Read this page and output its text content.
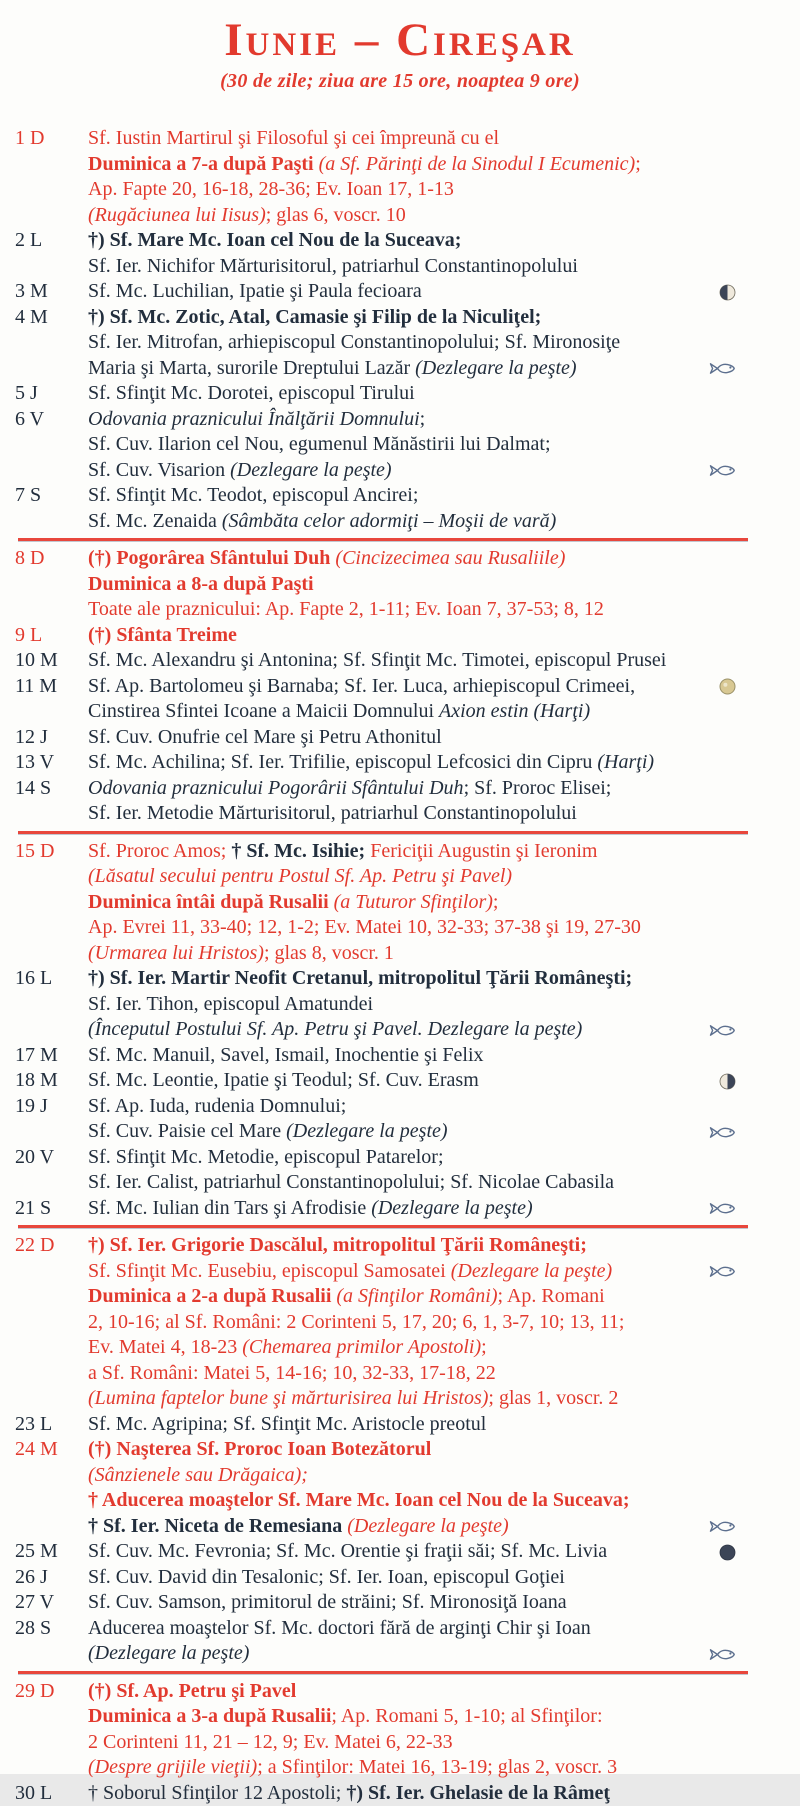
Iunie – Cireşar
(30 de zile; ziua are 15 ore, noaptea 9 ore)
1 D	Sf. Iustin Martirul şi Filosoful şi cei împreună cu el
Duminica a 7-a după Paşti (a Sf. Părinţi de la Sinodul I Ecumenic) ;
Ap. Fapte 20, 16-18, 28-36; Ev. Ioan 17, 1-13
(Rugăciunea lui Iisus) ; glas 6, voscr. 10
2 L	†) Sf. Mare Mc. Ioan cel Nou de la Suceava;
Sf. Ier. Nichifor Mărturisitorul, patriarhul Constantinopolului
3 M	Sf. Mc. Luchilian, Ipatie şi Paula fecioara
4 M	†) Sf. Mc. Zotic, Atal, Camasie şi Filip de la Niculiţel;
Sf. Ier. Mitrofan, arhiepiscopul Constantinopolului; Sf. Mironosiţe
Maria şi Marta, surorile Dreptului Lazăr (Dezlegare la peşte)
5 J	Sf. Sfinţit Mc. Dorotei, episcopul Tirului
6 V	Odovania praznicului Înălţării Domnului ;
Sf. Cuv. Ilarion cel Nou, egumenul Mănăstirii lui Dalmat;
Sf. Cuv. Visarion (Dezlegare la peşte)
7 S	Sf. Sfinţit Mc. Teodot, episcopul Ancirei;
Sf. Mc. Zenaida (Sâmbăta celor adormiţi – Moşii de vară)
8 D	(†) Pogorârea Sfântului Duh (Cincizecimea sau Rusaliile)
Duminica a 8-a după Paşti
Toate ale praznicului: Ap. Fapte 2, 1-11; Ev. Ioan 7, 37-53; 8, 12
9 L	(†) Sfânta Treime
10 M	Sf. Mc. Alexandru şi Antonina; Sf. Sfinţit Mc. Timotei, episcopul Prusei
11 M	Sf. Ap. Bartolomeu şi Barnaba; Sf. Ier. Luca, arhiepiscopul Crimeei,
Cinstirea Sfintei Icoane a Maicii Domnului Axion estin (Harţi)
12 J	Sf. Cuv. Onufrie cel Mare şi Petru Athonitul
13 V	Sf. Mc. Achilina; Sf. Ier. Trifilie, episcopul Lefcosici din Cipru (Harţi)
14 S	Odovania praznicului Pogorârii Sfântului Duh ; Sf. Proroc Elisei;
Sf. Ier. Metodie Mărturisitorul, patriarhul Constantinopolului
15 D	Sf. Proroc Amos; † Sf. Mc. Isihie; Fericiţii Augustin şi Ieronim
(Lăsatul secului pentru Postul Sf. Ap. Petru şi Pavel)
Duminica întâi după Rusalii (a Tuturor Sfinţilor) ;
Ap. Evrei 11, 33-40; 12, 1-2; Ev. Matei 10, 32-33; 37-38 şi 19, 27-30
(Urmarea lui Hristos) ; glas 8, voscr. 1
16 L	†) Sf. Ier. Martir Neofit Cretanul, mitropolitul Ţării Româneşti;
Sf. Ier. Tihon, episcopul Amatundei
(Începutul Postului Sf. Ap. Petru şi Pavel. Dezlegare la peşte)
17 M	Sf. Mc. Manuil, Savel, Ismail, Inochentie şi Felix
18 M	Sf. Mc. Leontie, Ipatie şi Teodul; Sf. Cuv. Erasm
19 J	Sf. Ap. Iuda, rudenia Domnului;
Sf. Cuv. Paisie cel Mare (Dezlegare la peşte)
20 V	Sf. Sfinţit Mc. Metodie, episcopul Patarelor;
Sf. Ier. Calist, patriarhul Constantinopolului; Sf. Nicolae Cabasila
21 S	Sf. Mc. Iulian din Tars şi Afrodisie (Dezlegare la peşte)
22 D	†) Sf. Ier. Grigorie Dascălul, mitropolitul Ţării Româneşti;
Sf. Sfinţit Mc. Eusebiu, episcopul Samosatei (Dezlegare la peşte)
Duminica a 2-a după Rusalii (a Sfinţilor Români) ; Ap. Romani
2, 10-16; al Sf. Români: 2 Corinteni 5, 17, 20; 6, 1, 3-7, 10; 13, 11;
Ev. Matei 4, 18-23 (Chemarea primilor Apostoli) ;
a Sf. Români: Matei 5, 14-16; 10, 32-33, 17-18, 22
(Lumina faptelor bune şi mărturisirea lui Hristos) ; glas 1, voscr. 2
23 L	Sf. Mc. Agripina; Sf. Sfinţit Mc. Aristocle preotul
24 M	(†) Naşterea Sf. Proroc Ioan Botezătorul
(Sânzienele sau Drăgaica);
† Aducerea moaştelor Sf. Mare Mc. Ioan cel Nou de la Suceava;
† Sf. Ier. Niceta de Remesiana (Dezlegare la peşte)
25 M	Sf. Cuv. Mc. Fevronia; Sf. Mc. Orentie şi fraţii săi; Sf. Mc. Livia
26 J	Sf. Cuv. David din Tesalonic; Sf. Ier. Ioan, episcopul Goţiei
27 V	Sf. Cuv. Samson, primitorul de străini; Sf. Mironosiţă Ioana
28 S	Aducerea moaştelor Sf. Mc. doctori fără de arginţi Chir şi Ioan
(Dezlegare la peşte)
29 D	(†) Sf. Ap. Petru şi Pavel
Duminica a 3-a după Rusalii ; Ap. Romani 5, 1-10; al Sfinţilor:
2 Corinteni 11, 21 – 12, 9; Ev. Matei 6, 22-33
(Despre grijile vieţii) ; a Sfinţilor: Matei 16, 13-19; glas 2, voscr. 3
30 L	† Soborul Sfinţilor 12 Apostoli; †) Sf. Ier. Ghelasie de la Râmeţ
